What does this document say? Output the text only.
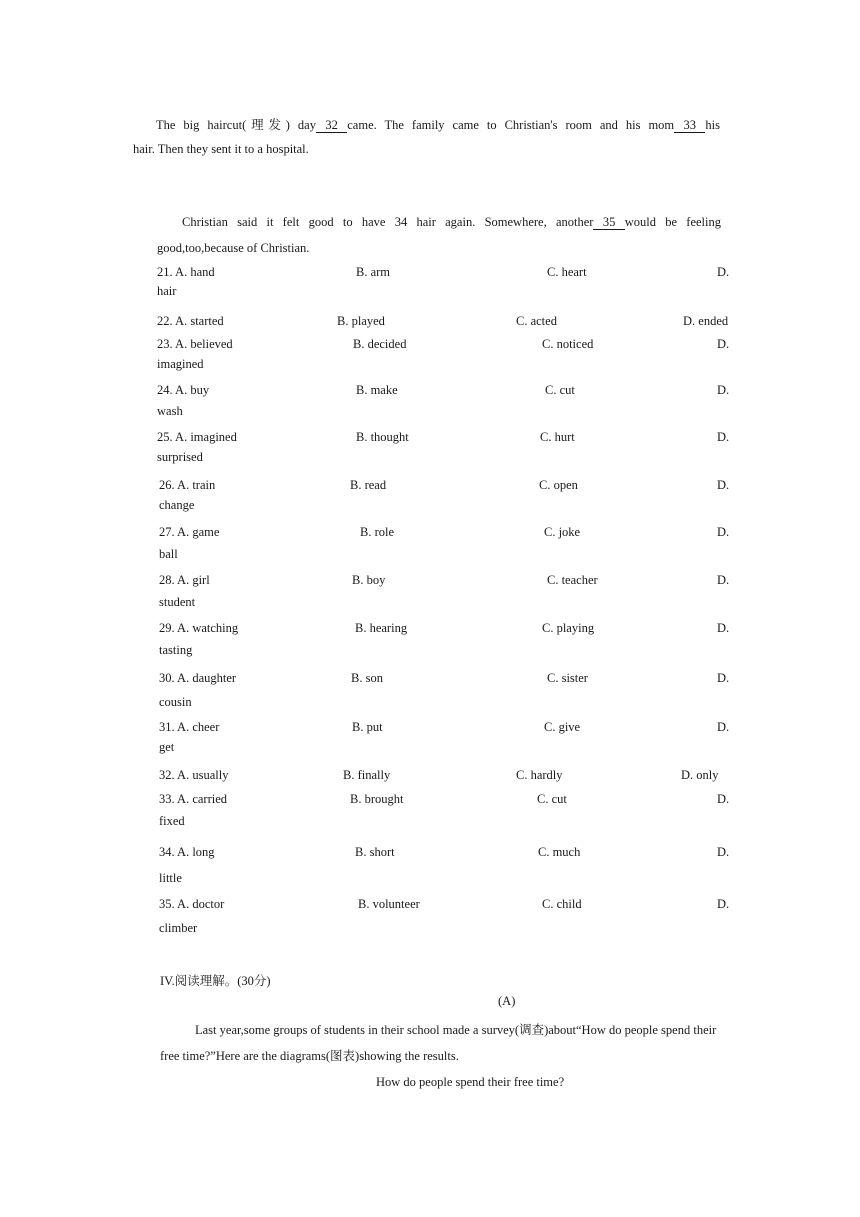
The big haircut(理发) day 32 came. The family came to Christian's room and his mom 33 his
hair. Then they sent it to a hospital.
Christian said it felt good to have 34 hair again. Somewhere, another 35 would be feeling
good,too,because of Christian.
21. A. hand	B. arm	C. heart	D.
hair
22. A. started	B. played	C. acted	D. ended
23. A. believed	B. decided	C. noticed	D.
imagined
24. A. buy	B. make	C. cut	D.
wash
25. A. imagined	B. thought	C. hurt	D.
surprised
26. A. train	B. read	C. open	D.
change
27. A. game	B. role	C. joke	D.
ball
28. A. girl	B. boy	C. teacher	D.
student
29. A. watching	B. hearing	C. playing	D.
tasting
30. A. daughter	B. son	C. sister	D.
cousin
31. A. cheer	B. put	C. give	D.
get
32. A. usually	B. finally	C. hardly	D. only
33. A. carried	B. brought	C. cut	D.
fixed
34. A. long	B. short	C. much	D.
little
35. A. doctor	B. volunteer	C. child	D.
climber
IV.阅读理解。(30分)
(A)
Last year,some groups of students in their school made a survey(调查)about“How do people spend their
free time?”Here are the diagrams(图表)showing the results.
How do people spend their free time?
